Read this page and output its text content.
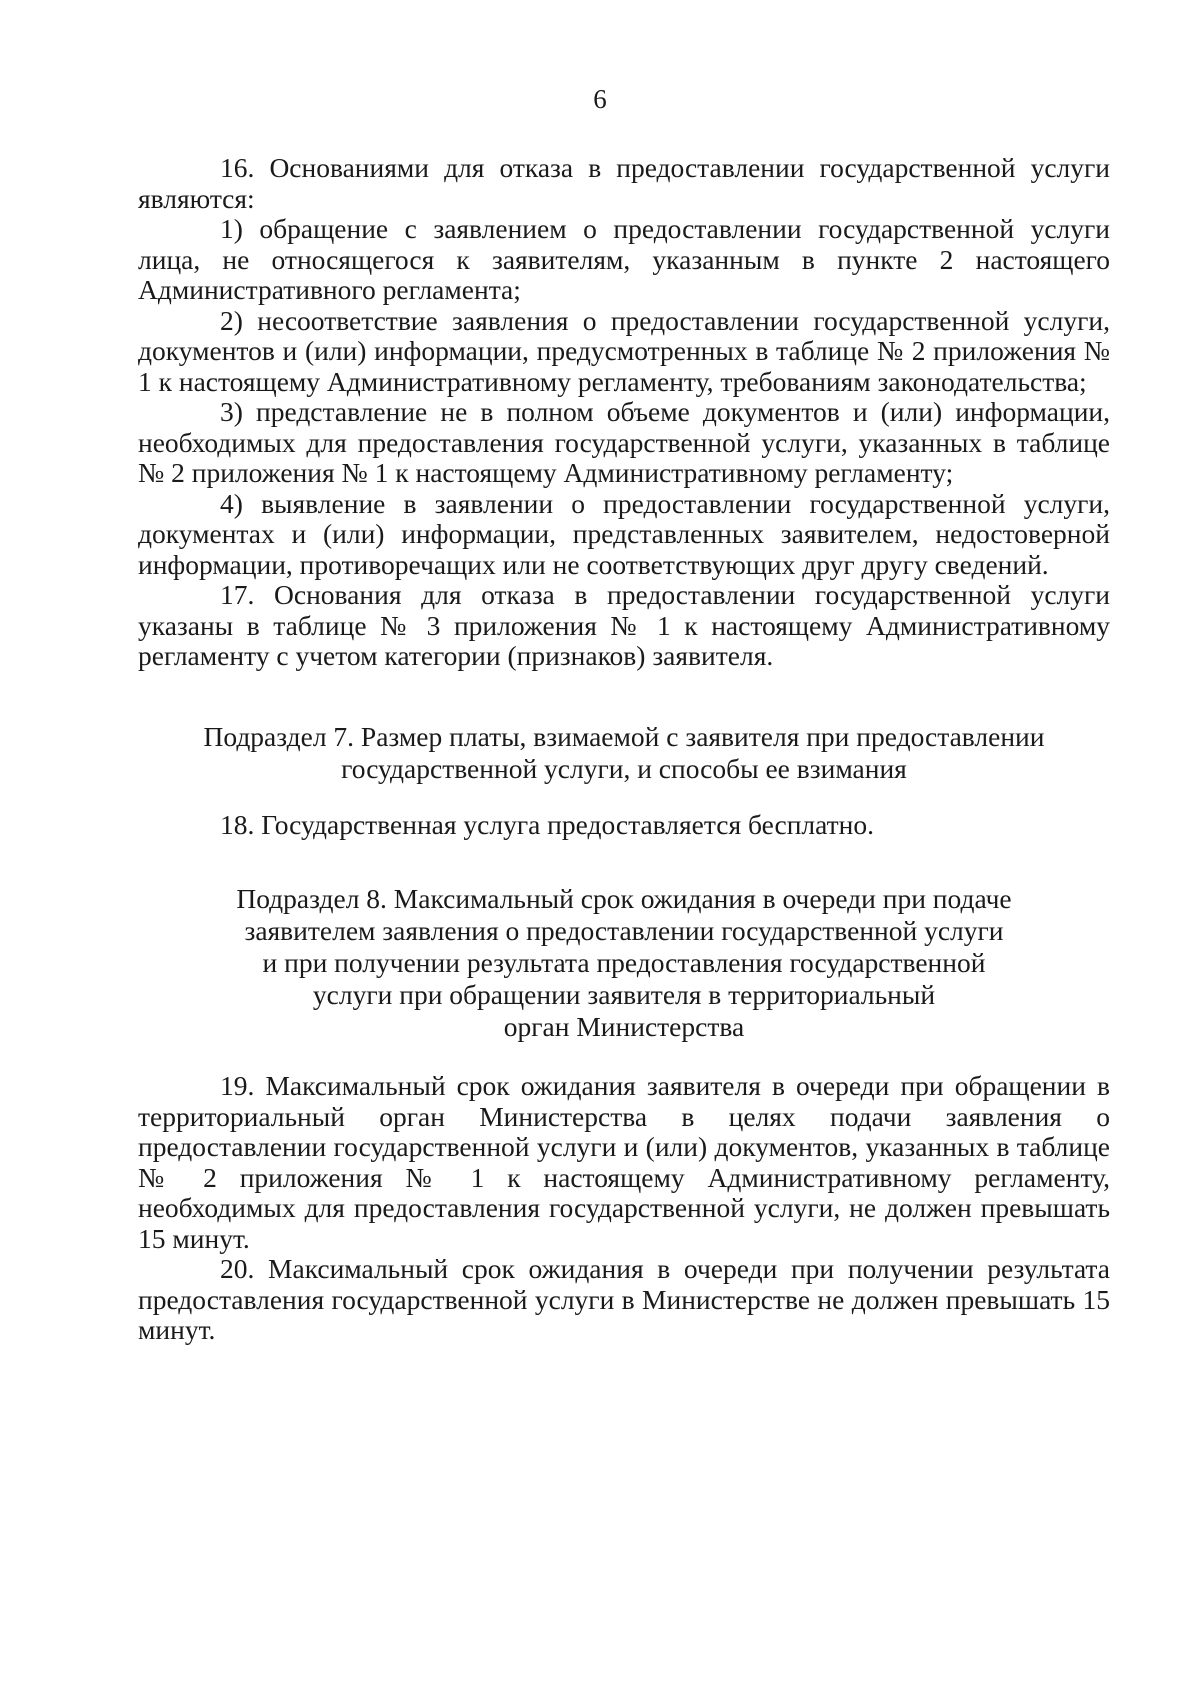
6

16. Основаниями для отказа в предоставлении государственной услуги являются:

1) обращение с заявлением о предоставлении государственной услуги лица, не относящегося к заявителям, указанным в пункте 2 настоящего Административного регламента;

2) несоответствие заявления о предоставлении государственной услуги, документов и (или) информации, предусмотренных в таблице № 2 приложения № 1 к настоящему Административному регламенту, требованиям законодательства;

3) представление не в полном объеме документов и (или) информации, необходимых для предоставления государственной услуги, указанных в таблице № 2 приложения № 1 к настоящему Административному регламенту;

4) выявление в заявлении о предоставлении государственной услуги, документах и (или) информации, представленных заявителем, недостоверной информации, противоречащих или не соответствующих друг другу сведений.

17. Основания для отказа в предоставлении государственной услуги указаны в таблице № 3 приложения № 1 к настоящему Административному регламенту с учетом категории (признаков) заявителя.

Подраздел 7. Размер платы, взимаемой с заявителя при предоставлении
государственной услуги, и способы ее взимания

18. Государственная услуга предоставляется бесплатно.

Подраздел 8. Максимальный срок ожидания в очереди при подаче
заявителем заявления о предоставлении государственной услуги
и при получении результата предоставления государственной
услуги при обращении заявителя в территориальный
орган Министерства

19. Максимальный срок ожидания заявителя в очереди при обращении в территориальный орган Министерства в целях подачи заявления о предоставлении государственной услуги и (или) документов, указанных в таблице № 2 приложения № 1 к настоящему Административному регламенту, необходимых для предоставления государственной услуги, не должен превышать 15 минут.

20. Максимальный срок ожидания в очереди при получении результата предоставления государственной услуги в Министерстве не должен превышать 15 минут.
